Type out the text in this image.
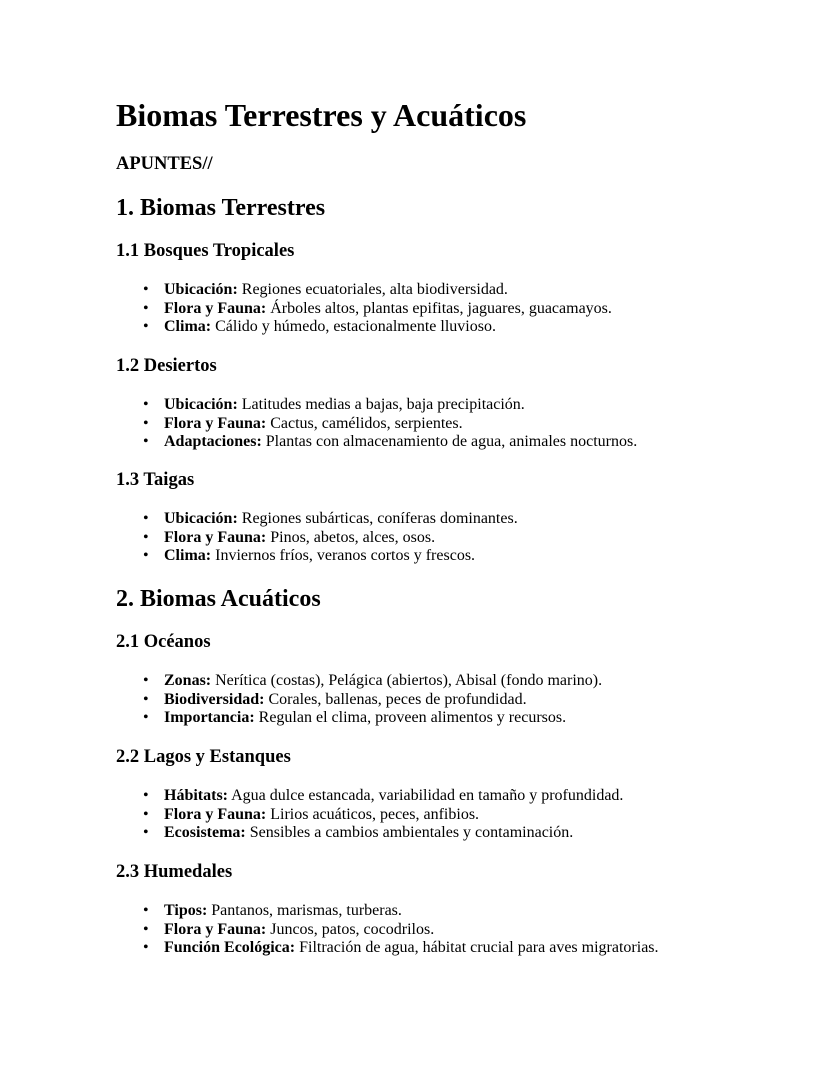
Biomas Terrestres y Acuáticos

APUNTES//

1. Biomas Terrestres
1.1 Bosques Tropicales
• Ubicación: Regiones ecuatoriales, alta biodiversidad.
• Flora y Fauna: Árboles altos, plantas epifitas, jaguares, guacamayos.
• Clima: Cálido y húmedo, estacionalmente lluvioso.
1.2 Desiertos
• Ubicación: Latitudes medias a bajas, baja precipitación.
• Flora y Fauna: Cactus, camélidos, serpientes.
• Adaptaciones: Plantas con almacenamiento de agua, animales nocturnos.
1.3 Taigas
• Ubicación: Regiones subárticas, coníferas dominantes.
• Flora y Fauna: Pinos, abetos, alces, osos.
• Clima: Inviernos fríos, veranos cortos y frescos.
2. Biomas Acuáticos
2.1 Océanos
• Zonas: Nerítica (costas), Pelágica (abiertos), Abisal (fondo marino).
• Biodiversidad: Corales, ballenas, peces de profundidad.
• Importancia: Regulan el clima, proveen alimentos y recursos.
2.2 Lagos y Estanques
• Hábitats: Agua dulce estancada, variabilidad en tamaño y profundidad.
• Flora y Fauna: Lirios acuáticos, peces, anfibios.
• Ecosistema: Sensibles a cambios ambientales y contaminación.
2.3 Humedales
• Tipos: Pantanos, marismas, turberas.
• Flora y Fauna: Juncos, patos, cocodrilos.
• Función Ecológica: Filtración de agua, hábitat crucial para aves migratorias.
